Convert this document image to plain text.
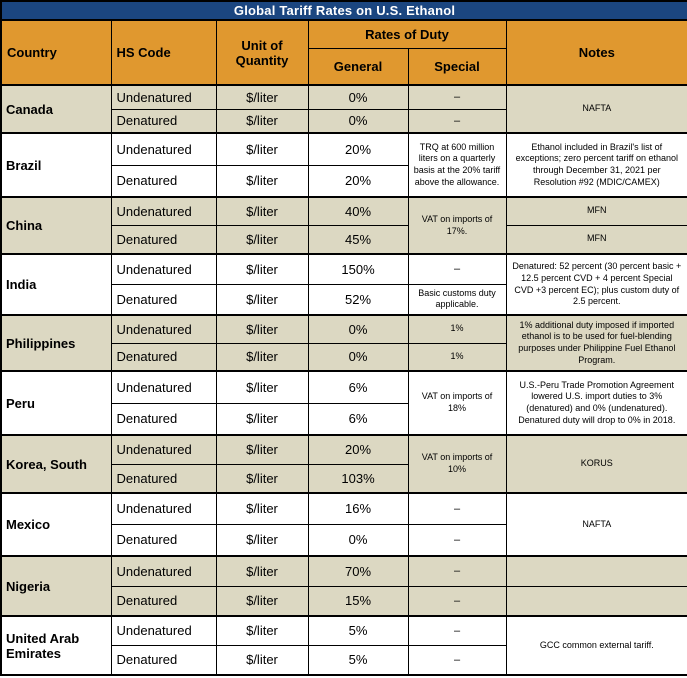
Global Tariff Rates on U.S. Ethanol					
Country	HS Code	Unit of Quantity	Rates of Duty		Notes
			General	Special	
Canada	Undenatured	$/liter	0%	–	NAFTA
	Denatured	$/liter	0%	–	
Brazil	Undenatured	$/liter	20%	TRQ at 600 million liters on a quarterly basis at the 20% tariff above the allowance.	Ethanol included in Brazil's list of exceptions; zero percent tariff on ethanol through December 31, 2021 per Resolution #92 (MDIC/CAMEX)
	Denatured	$/liter	20%		
China	Undenatured	$/liter	40%	VAT on imports of 17%.	MFN
	Denatured	$/liter	45%		MFN
India	Undenatured	$/liter	150%	–	Denatured: 52 percent (30 percent basic + 12.5 percent CVD + 4 percent Special CVD +3 percent EC); plus custom duty of 2.5 percent.
	Denatured	$/liter	52%	Basic customs duty applicable.	
Philippines	Undenatured	$/liter	0%	1%	1% additional duty imposed if imported ethanol is to be used for fuel-blending purposes under Philippine Fuel Ethanol Program.
	Denatured	$/liter	0%	1%	
Peru	Undenatured	$/liter	6%	VAT on imports of 18%	U.S.-Peru Trade Promotion Agreement lowered U.S. import duties to 3% (denatured) and 0% (undenatured). Denatured duty will drop to 0% in 2018.
	Denatured	$/liter	6%		
Korea, South	Undenatured	$/liter	20%	VAT on imports of 10%	KORUS
	Denatured	$/liter	103%		
Mexico	Undenatured	$/liter	16%	–	NAFTA
	Denatured	$/liter	0%	–	
Nigeria	Undenatured	$/liter	70%	–	
	Denatured	$/liter	15%	–	
United Arab Emirates	Undenatured	$/liter	5%	–	GCC common external tariff.
	Denatured	$/liter	5%	–	
